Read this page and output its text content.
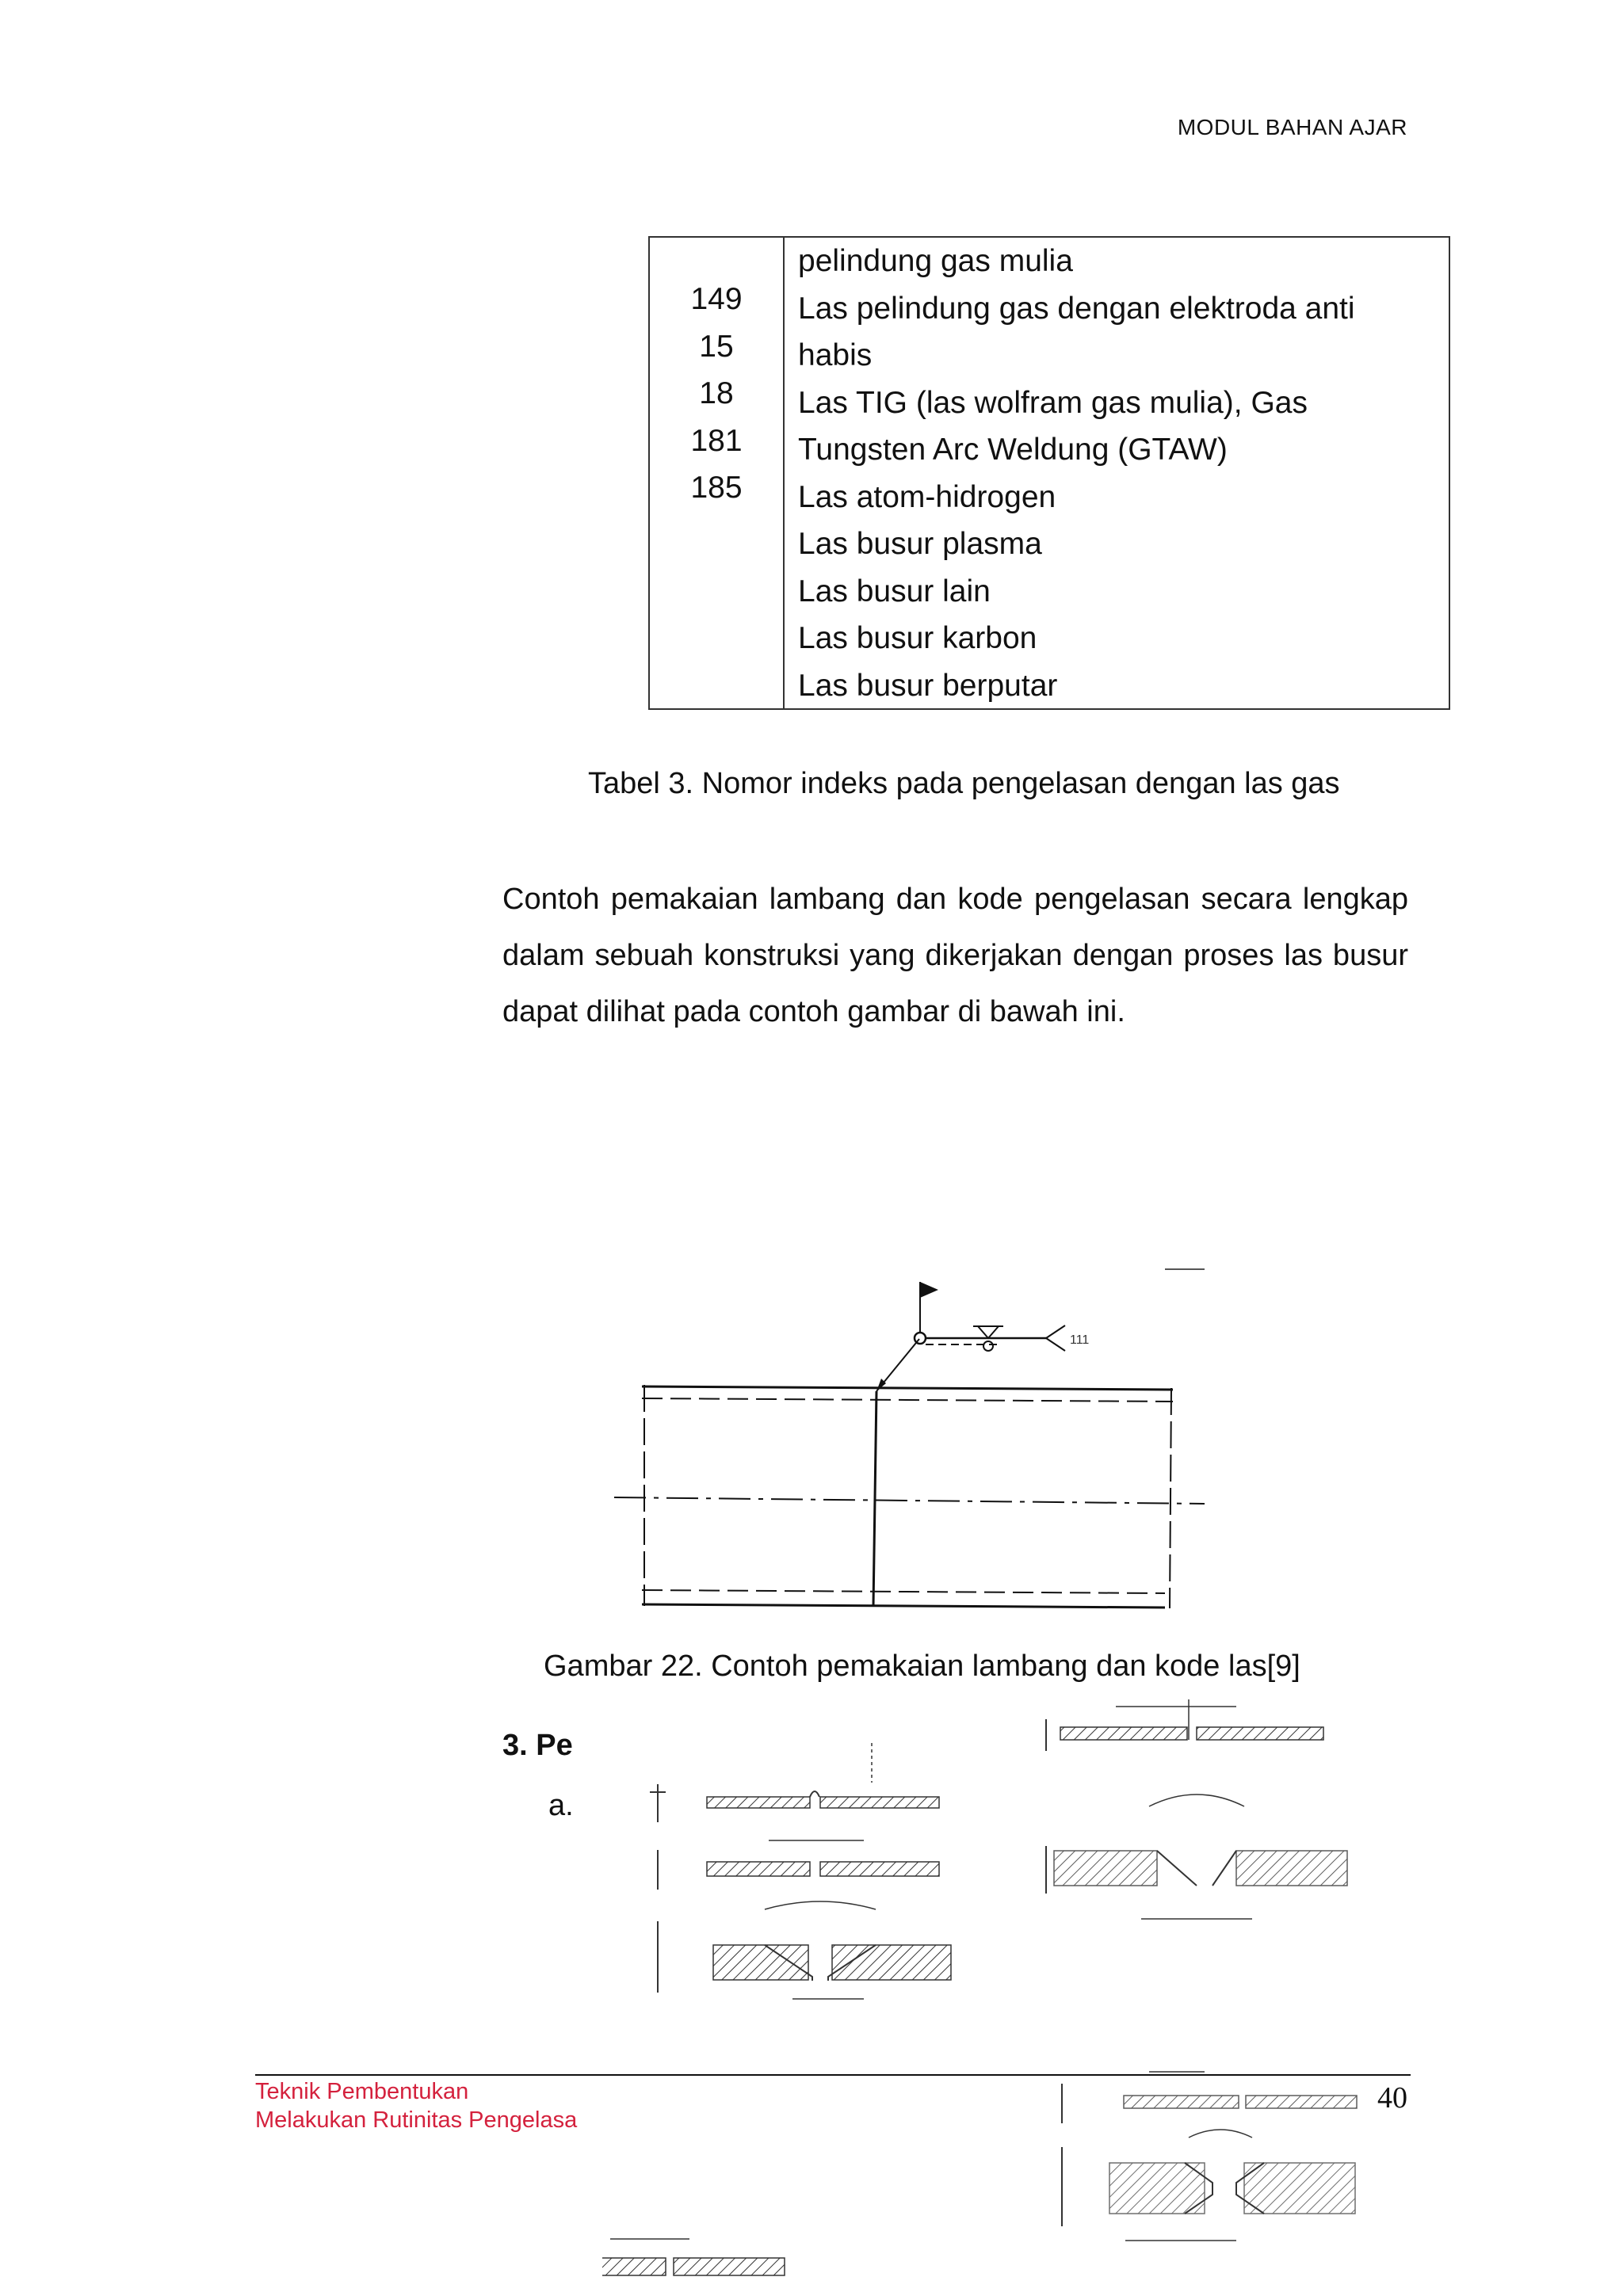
MODUL BAHAN AJAR
149
15
18
181
185
pelindung gas mulia
Las pelindung gas dengan elektroda anti
habis
Las TIG (las wolfram gas mulia), Gas
Tungsten Arc Weldung (GTAW)
Las atom-hidrogen
Las busur plasma
Las busur lain
Las busur karbon
Las busur berputar
Tabel 3. Nomor indeks pada pengelasan dengan las gas
Contoh pemakaian lambang dan kode pengelasan secara lengkap dalam sebuah konstruksi yang dikerjakan dengan proses las busur dapat dilihat pada contoh gambar di bawah ini.
111
Gambar 22. Contoh pemakaian lambang dan kode las[9]
3. Pe
a.
Teknik Pembentukan
Melakukan Rutinitas Pengelasa
40
